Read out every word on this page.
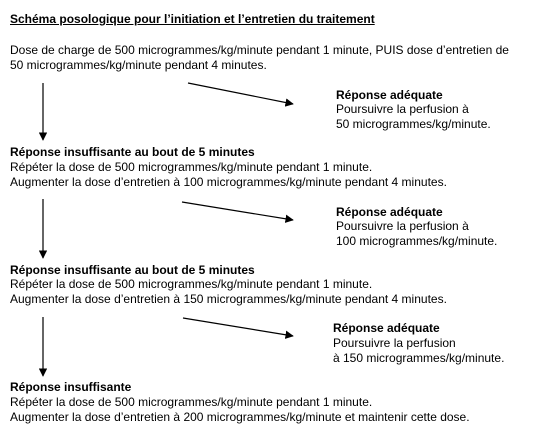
Schéma posologique pour l’initiation et l’entretien du traitement
Dose de charge de 500 microgrammes/kg/minute pendant 1 minute, PUIS dose d’entretien de
50 microgrammes/kg/minute pendant 4 minutes.
Réponse adéquate
Poursuivre la perfusion à
50 microgrammes/kg/minute.
Réponse insuffisante au bout de 5 minutes
Répéter la dose de 500 microgrammes/kg/minute pendant 1 minute.
Augmenter la dose d’entretien à 100 microgrammes/kg/minute pendant 4 minutes.
Réponse adéquate
Poursuivre la perfusion à
100 microgrammes/kg/minute.
Réponse insuffisante au bout de 5 minutes
Répéter la dose de 500 microgrammes/kg/minute pendant 1 minute.
Augmenter la dose d’entretien à 150 microgrammes/kg/minute pendant 4 minutes.
Réponse adéquate
Poursuivre la perfusion
à 150 microgrammes/kg/minute.
Réponse insuffisante
Répéter la dose de 500 microgrammes/kg/minute pendant 1 minute.
Augmenter la dose d’entretien à 200 microgrammes/kg/minute et maintenir cette dose.
